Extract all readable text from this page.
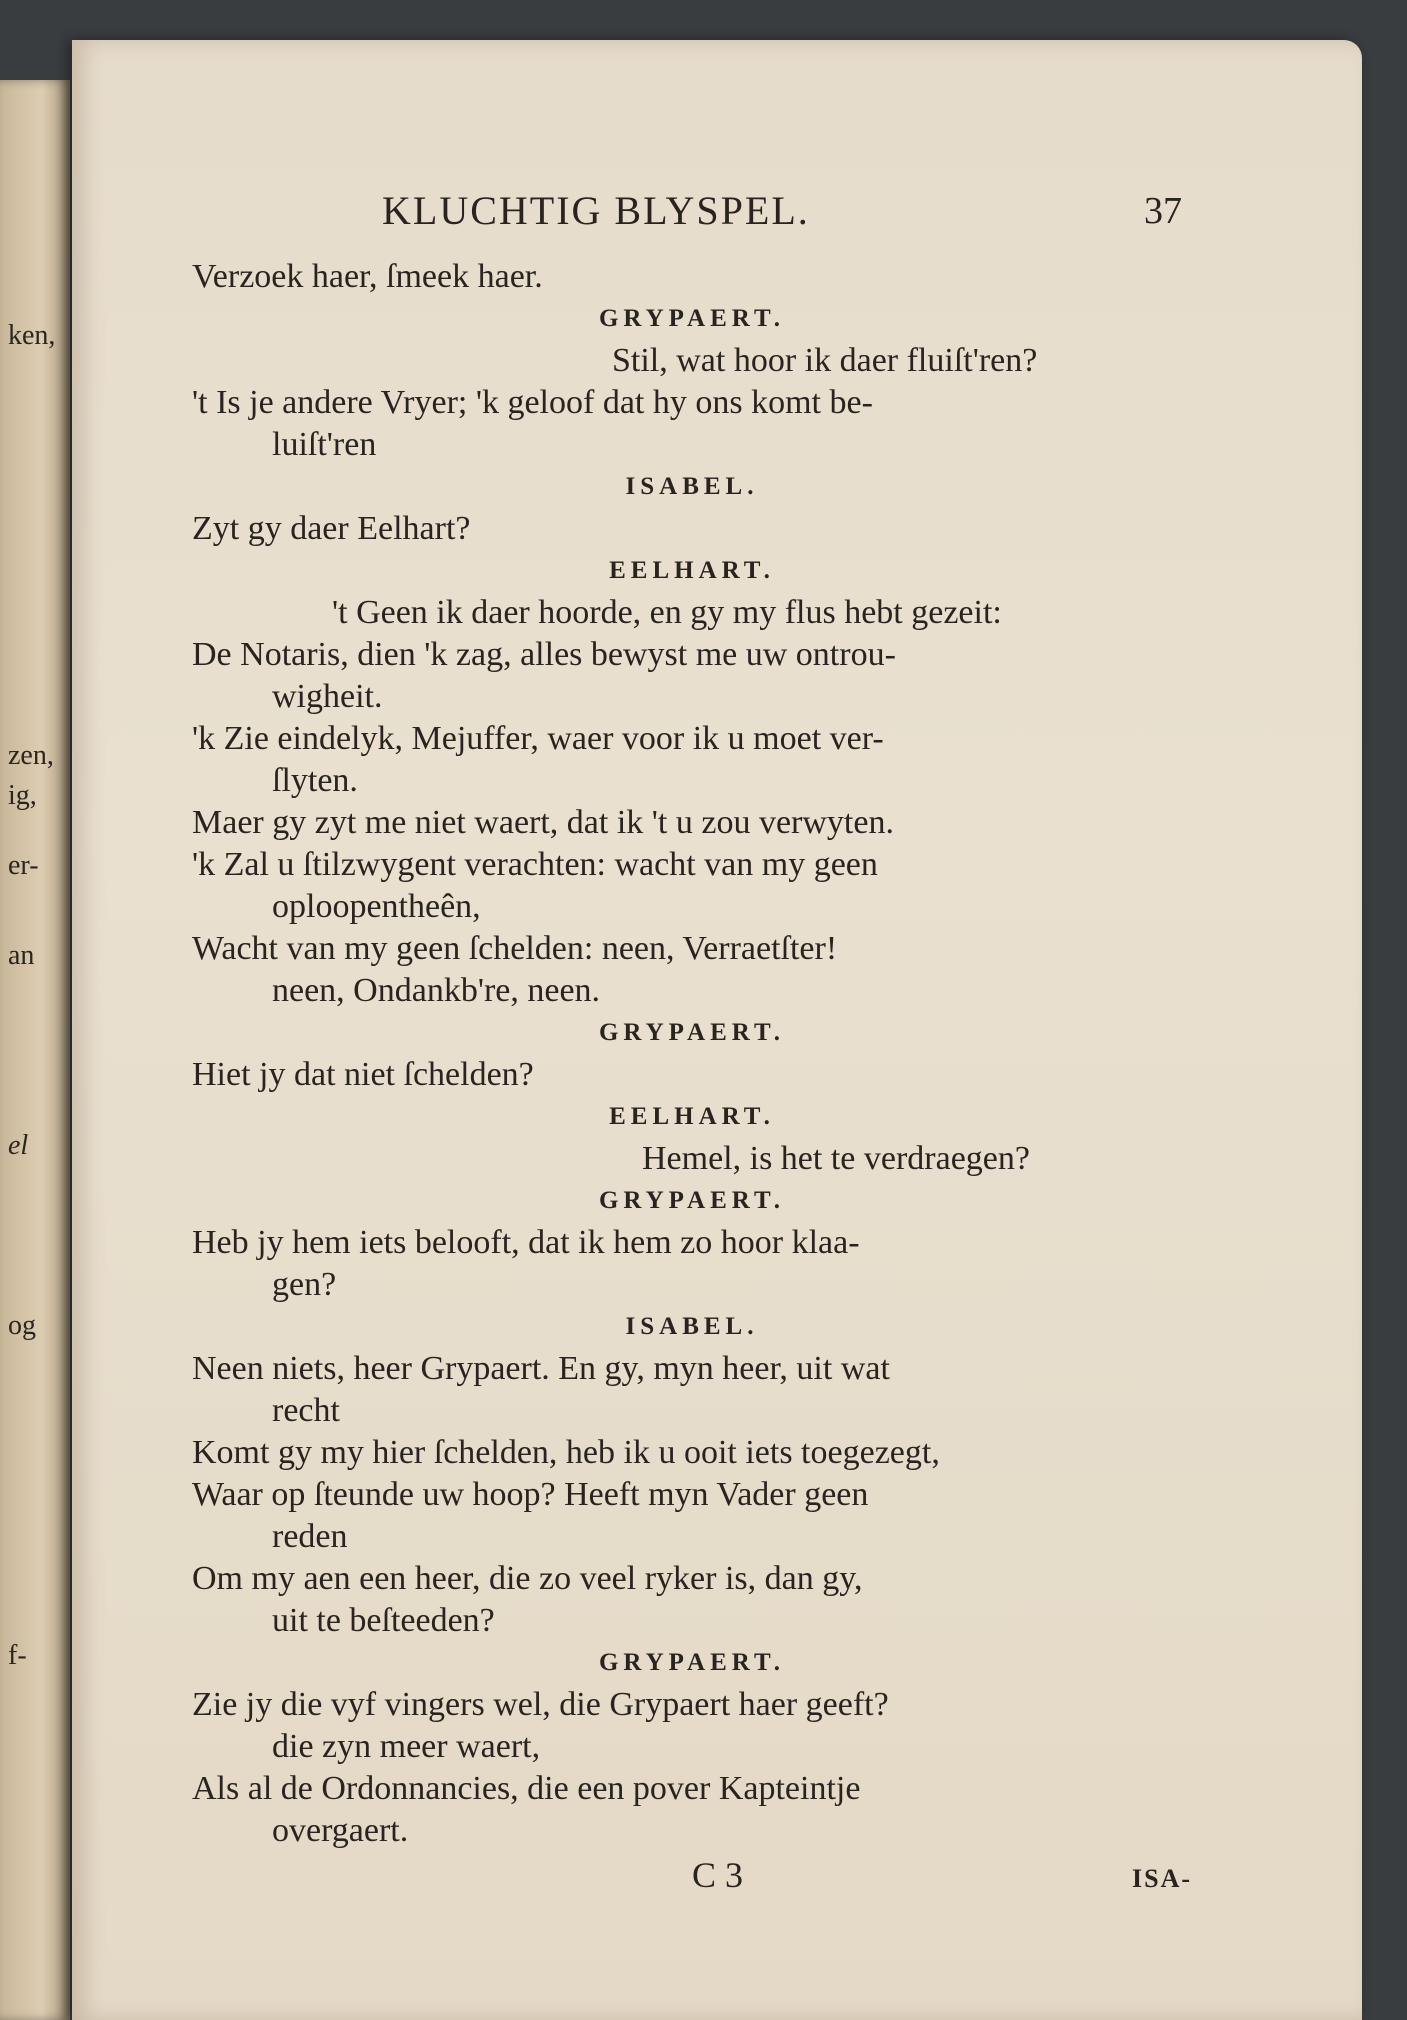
ken,
zen,
ig,
er-
an
el
og
f-
KLUCHTIG BLYSPEL.	37
Verzoek haer, ſmeek haer.
GRYPAERT.
Stil, wat hoor ik daer fluiſt'ren?
't Is je andere Vryer; 'k geloof dat hy ons komt be-
luiſt'ren
ISABEL.
Zyt gy daer Eelhart?
EELHART.
't Geen ik daer hoorde, en gy my flus hebt gezeit:
De Notaris, dien 'k zag, alles bewyst me uw ontrou-
wigheit.
'k Zie eindelyk, Mejuffer, waer voor ik u moet ver-
ſlyten.
Maer gy zyt me niet waert, dat ik 't u zou verwyten.
'k Zal u ſtilzwygent verachten: wacht van my geen
oploopentheên,
Wacht van my geen ſchelden: neen, Verraetſter!
neen, Ondankb're, neen.
GRYPAERT.
Hiet jy dat niet ſchelden?
EELHART.
Hemel, is het te verdraegen?
GRYPAERT.
Heb jy hem iets belooft, dat ik hem zo hoor klaa-
gen?
ISABEL.
Neen niets, heer Grypaert. En gy, myn heer, uit wat
recht
Komt gy my hier ſchelden, heb ik u ooit iets toegezegt,
Waar op ſteunde uw hoop? Heeft myn Vader geen
reden
Om my aen een heer, die zo veel ryker is, dan gy,
uit te beſteeden?
GRYPAERT.
Zie jy die vyf vingers wel, die Grypaert haer geeft?
die zyn meer waert,
Als al de Ordonnancies, die een pover Kapteintje
overgaert.
C 3	ISA-
